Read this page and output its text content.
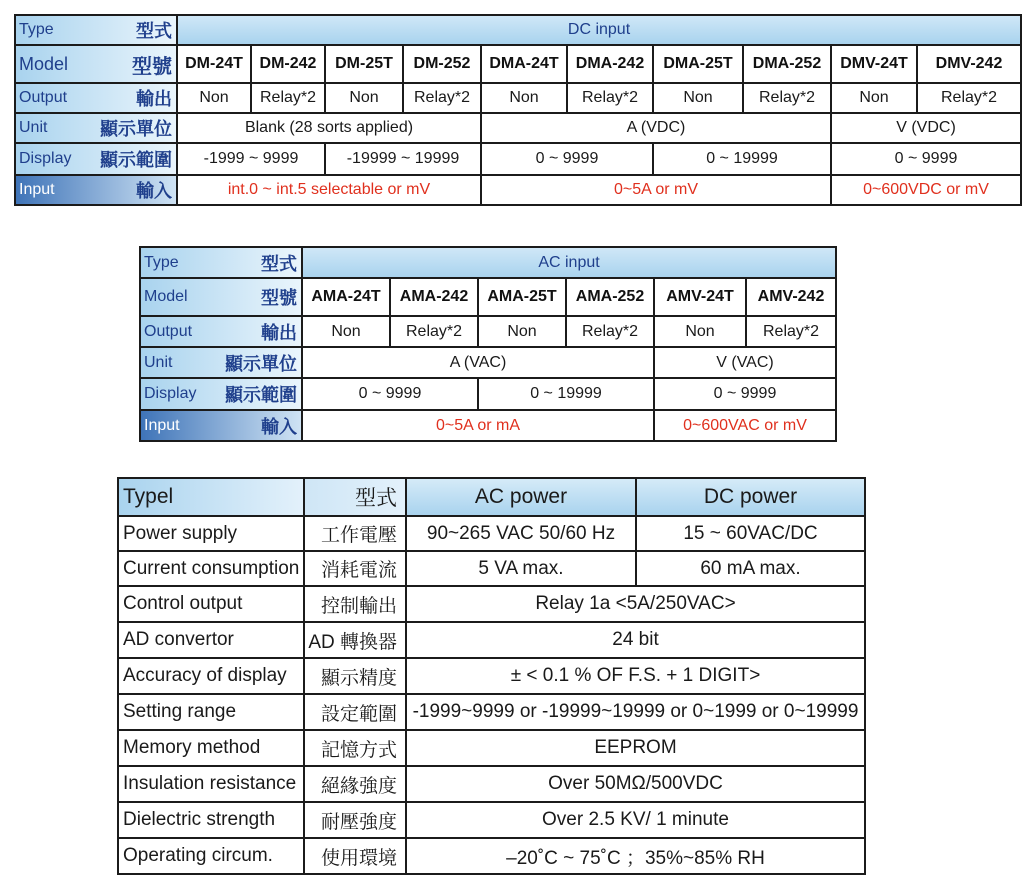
Type 型式	DC input									

Model 型號	DM-24T	DM-242	DM-25T	DM-252	DMA-24T	DMA-242	DMA-25T	DMA-252	DMV-24T	DMV-242

Output 輸出	Non	Relay*2	Non	Relay*2	Non	Relay*2	Non	Relay*2	Non	Relay*2

Unit 顯示單位	Blank (28 sorts applied)				A (VDC)				V (VDC)	

Display 顯示範圍	-1999 ~ 9999		-19999 ~ 19999		0 ~ 9999		0 ~ 19999		0 ~ 9999	

Input 輸入	int.0 ~ int.5 selectable or mV				0~5A or mV				0~600VDC or mV	
Type 型式	AC input					

Model 型號	AMA-24T	AMA-242	AMA-25T	AMA-252	AMV-24T	AMV-242

Output 輸出	Non	Relay*2	Non	Relay*2	Non	Relay*2

Unit 顯示單位	A (VAC)				V (VAC)	

Display 顯示範圍	0 ~ 9999		0 ~ 19999		0 ~ 9999	

Input 輸入	0~5A or mA				0~600VAC or mV	
Typel	型式	AC power	DC power
Power supply	工作電壓	90~265 VAC 50/60 Hz	15 ~ 60VAC/DC
Current consumption	消耗電流	5 VA max.	60 mA max.
Control output	控制輸出	Relay 1a <5A/250VAC>	
AD convertor	AD 轉換器	24 bit	
Accuracy of display	顯示精度	± < 0.1 % OF F.S. + 1 DIGIT>	
Setting range	設定範圍	-1999~9999 or -19999~19999 or 0~1999 or 0~19999	
Memory method	記憶方式	EEPROM	
Insulation resistance	絕緣強度	Over 50MΩ/500VDC	
Dielectric strength	耐壓強度	Over 2.5 KV/ 1 minute	
Operating circum.	使用環境	–20˚C ~ 75˚C ；35%~85% RH	
